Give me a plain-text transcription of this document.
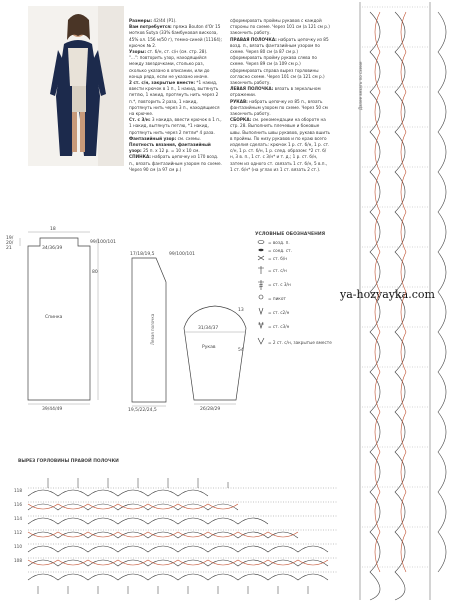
Размеры: 42/44 (P1).
Вам потребуется: пряжа Bouton d'Or 15 мотков Sutya (33% бамбуковая вискоза, 45% ол. 156 м/50 г), темно-синей (11164); крючок № 2.
Узоры: ст. б/н, ст. с/н (см. стр. 28).
"...": повторить узор, находящийся между звездочками, столько раз, сколько указано в описании, или до конца ряда, если не указано иначе.
2 ст. с/н, закрытые вместе: *1 накид, ввести крючок в 1 п., 1 накид, вытянуть петлю, 1 накид, протянуть нить через 2 п.*, повторить 2 раза, 1 накид, протянуть нить через 3 п., находящиеся на крючке.
Ст. с 3/н: 3 накида, ввести крючок в 1 п., 1 накид, вытянуть петлю, *1 накид, протянуть нить через 2 петли* 4 раза.
Фантазийный узор: см. схемы.
Плотность вязания, фантазийный узор: 25 п. х 12 р. = 10 х 10 см.
СПИНКА: набрать цепочку из 170 возд. п., вязать фантазийным узором по схеме. Через 90 см (а 97 см р.)
сформировать проймы рукавов с каждой стороны по схеме. Через 101 см (а 121 см р.) закончить работу.
ПРАВАЯ ПОЛОЧКА: набрать цепочку из 85 возд. п., вязать фантазийным узором по схеме. Через 80 см (а 87 см р.) сформировать пройму рукава слева по схеме. Через 89 см (а 109 см р.) сформировать справа вырез горловины согласно схеме. Через 101 см (а 121 см р.) закончить работу.
ЛЕВАЯ ПОЛОЧКА: вязать в зеркальном отражении.
РУКАВ: набрать цепочку из 85 п., вязать фантазийным узором по схеме. Через 50 см закончить работу.
СБОРКА: см. рекомендации на обороте на стр. 28. Выполнить плечевые и боковые швы. Выполнить швы рукавов, рукава вшить в проймы. По низу рукавов и по краю всего изделия сделать: крючок 1 р. ст. б/н, 1 р. ст. с/н, 1 р. ст. б/н, 1 р. след. образом: *2 ст. б/н, 3 в. п., 1 ст. с 3/н* и т. д.; 1 р. ст. б/н, затем из одного ст. связать 1 ст. б/н, 5 в.п., 1 ст. б/н* (на углах из 1 ст. вязать 2 ст.).
19/
20/
21
18
34/36/39
99/100/101
80
Спинка
39/44/49
17/18/19,5	99/100/101
Левая полочка
19,5/22/24,5
31/34/37
13
54
Рукав
26/28/29
УСЛОВНЫЕ ОБОЗНАЧЕНИЯ
= возд. п.
= соед. ст.
= ст. б/н
= ст. с/н
= ст. с 3/н
= пикот
= ст. с2/н
= ст. с3/н
= 2 ст. с/н, закрытые вместе
ya-hozyayka.com
Далее вязать по схеме
ВЫРЕЗ ГОРЛОВИНЫ ПРАВОЙ ПОЛОЧКИ
118
116
114
112
110
108
